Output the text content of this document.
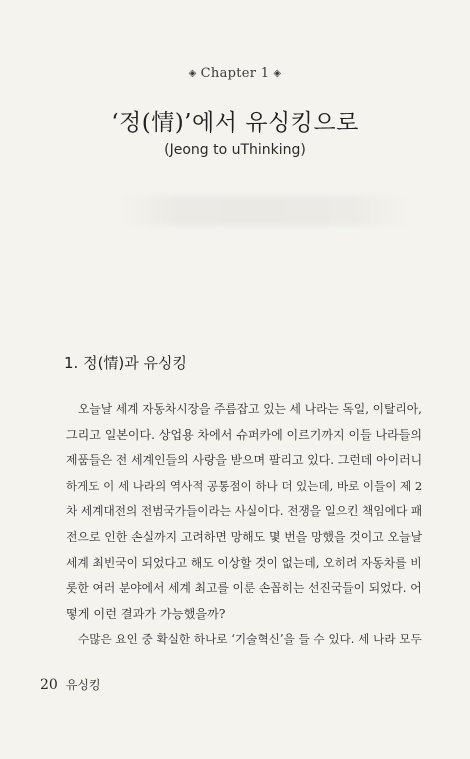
◈ Chapter 1 ◈
‘정(情)’에서 유싱킹으로
(Jeong to uThinking)
1. 정(情)과 유싱킹

오늘날 세계 자동차시장을 주름잡고 있는 세 나라는 독일, 이탈리아,
그리고 일본이다. 상업용 차에서 슈퍼카에 이르기까지 이들 나라들의
제품들은 전 세계인들의 사랑을 받으며 팔리고 있다. 그런데 아이러니
하게도 이 세 나라의 역사적 공통점이 하나 더 있는데, 바로 이들이 제 2
차 세계대전의 전범국가들이라는 사실이다. 전쟁을 일으킨 책임에다 패
전으로 인한 손실까지 고려하면 망해도 몇 번을 망했을 것이고 오늘날
세계 최빈국이 되었다고 해도 이상할 것이 없는데, 오히려 자동차를 비
롯한 여러 분야에서 세계 최고를 이룬 손꼽히는 선진국들이 되었다. 어
떻게 이런 결과가 가능했을까?

수많은 요인 중 확실한 하나로 ‘기술혁신’을 들 수 있다. 세 나라 모두

20 유싱킹
